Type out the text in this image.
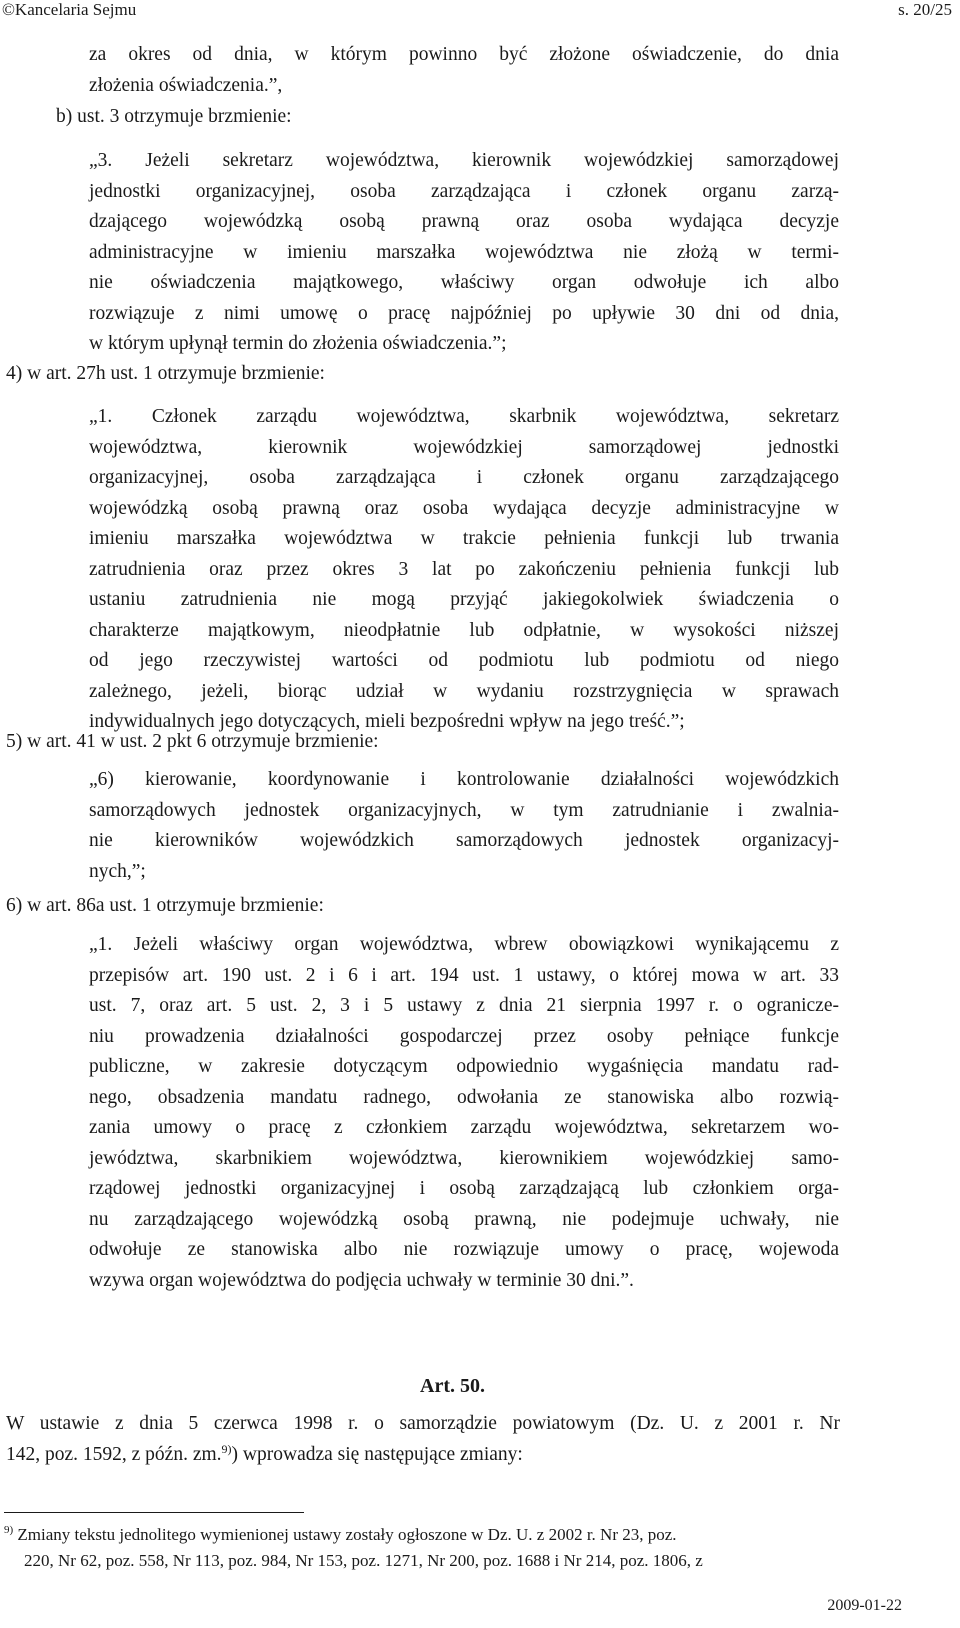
©Kancelaria Sejmu	s. 20/25
za okres od dnia, w którym powinno być złożone oświadczenie, do dnia
złożenia oświadczenia.”,
b) ust. 3 otrzymuje brzmienie:
„3. Jeżeli sekretarz województwa, kierownik wojewódzkiej samorządowej
jednostki organizacyjnej, osoba zarządzająca i członek organu zarzą-
dzającego wojewódzką osobą prawną oraz osoba wydająca decyzje
administracyjne w imieniu marszałka województwa nie złożą w termi-
nie oświadczenia majątkowego, właściwy organ odwołuje ich albo
rozwiązuje z nimi umowę o pracę najpóźniej po upływie 30 dni od dnia,
w którym upłynął termin do złożenia oświadczenia.”;
4) w art. 27h ust. 1 otrzymuje brzmienie:
„1. Członek zarządu województwa, skarbnik województwa, sekretarz
województwa, kierownik wojewódzkiej samorządowej jednostki
organizacyjnej, osoba zarządzająca i członek organu zarządzającego
wojewódzką osobą prawną oraz osoba wydająca decyzje administracyjne w
imieniu marszałka województwa w trakcie pełnienia funkcji lub trwania
zatrudnienia oraz przez okres 3 lat po zakończeniu pełnienia funkcji lub
ustaniu zatrudnienia nie mogą przyjąć jakiegokolwiek świadczenia o
charakterze majątkowym, nieodpłatnie lub odpłatnie, w wysokości niższej
od jego rzeczywistej wartości od podmiotu lub podmiotu od niego
zależnego, jeżeli, biorąc udział w wydaniu rozstrzygnięcia w sprawach
indywidualnych jego dotyczących, mieli bezpośredni wpływ na jego treść.”;
5) w art. 41 w ust. 2 pkt 6 otrzymuje brzmienie:
„6) kierowanie, koordynowanie i kontrolowanie działalności wojewódzkich
samorządowych jednostek organizacyjnych, w tym zatrudnianie i zwalnia-
nie kierowników wojewódzkich samorządowych jednostek organizacyj-
nych,”;
6) w art. 86a ust. 1 otrzymuje brzmienie:
„1. Jeżeli właściwy organ województwa, wbrew obowiązkowi wynikającemu z
przepisów art. 190 ust. 2 i 6 i art. 194 ust. 1 ustawy, o której mowa w art. 33
ust. 7, oraz art. 5 ust. 2, 3 i 5 ustawy z dnia 21 sierpnia 1997 r. o ogranicze-
niu prowadzenia działalności gospodarczej przez osoby pełniące funkcje
publiczne, w zakresie dotyczącym odpowiednio wygaśnięcia mandatu rad-
nego, obsadzenia mandatu radnego, odwołania ze stanowiska albo rozwią-
zania umowy o pracę z członkiem zarządu województwa, sekretarzem wo-
jewództwa, skarbnikiem województwa, kierownikiem wojewódzkiej samo-
rządowej jednostki organizacyjnej i osobą zarządzającą lub członkiem orga-
nu zarządzającego wojewódzką osobą prawną, nie podejmuje uchwały, nie
odwołuje ze stanowiska albo nie rozwiązuje umowy o pracę, wojewoda
wzywa organ województwa do podjęcia uchwały w terminie 30 dni.”.
Art. 50.
W ustawie z dnia 5 czerwca 1998 r. o samorządzie powiatowym (Dz. U. z 2001 r. Nr
142, poz. 1592, z późn. zm.$^{9)}$) wprowadza się następujące zmiany:
$^{9)}$ Zmiany tekstu jednolitego wymienionej ustawy zostały ogłoszone w Dz. U. z 2002 r. Nr 23, poz.
220, Nr 62, poz. 558, Nr 113, poz. 984, Nr 153, poz. 1271, Nr 200, poz. 1688 i Nr 214, poz. 1806, z
2009-01-22
